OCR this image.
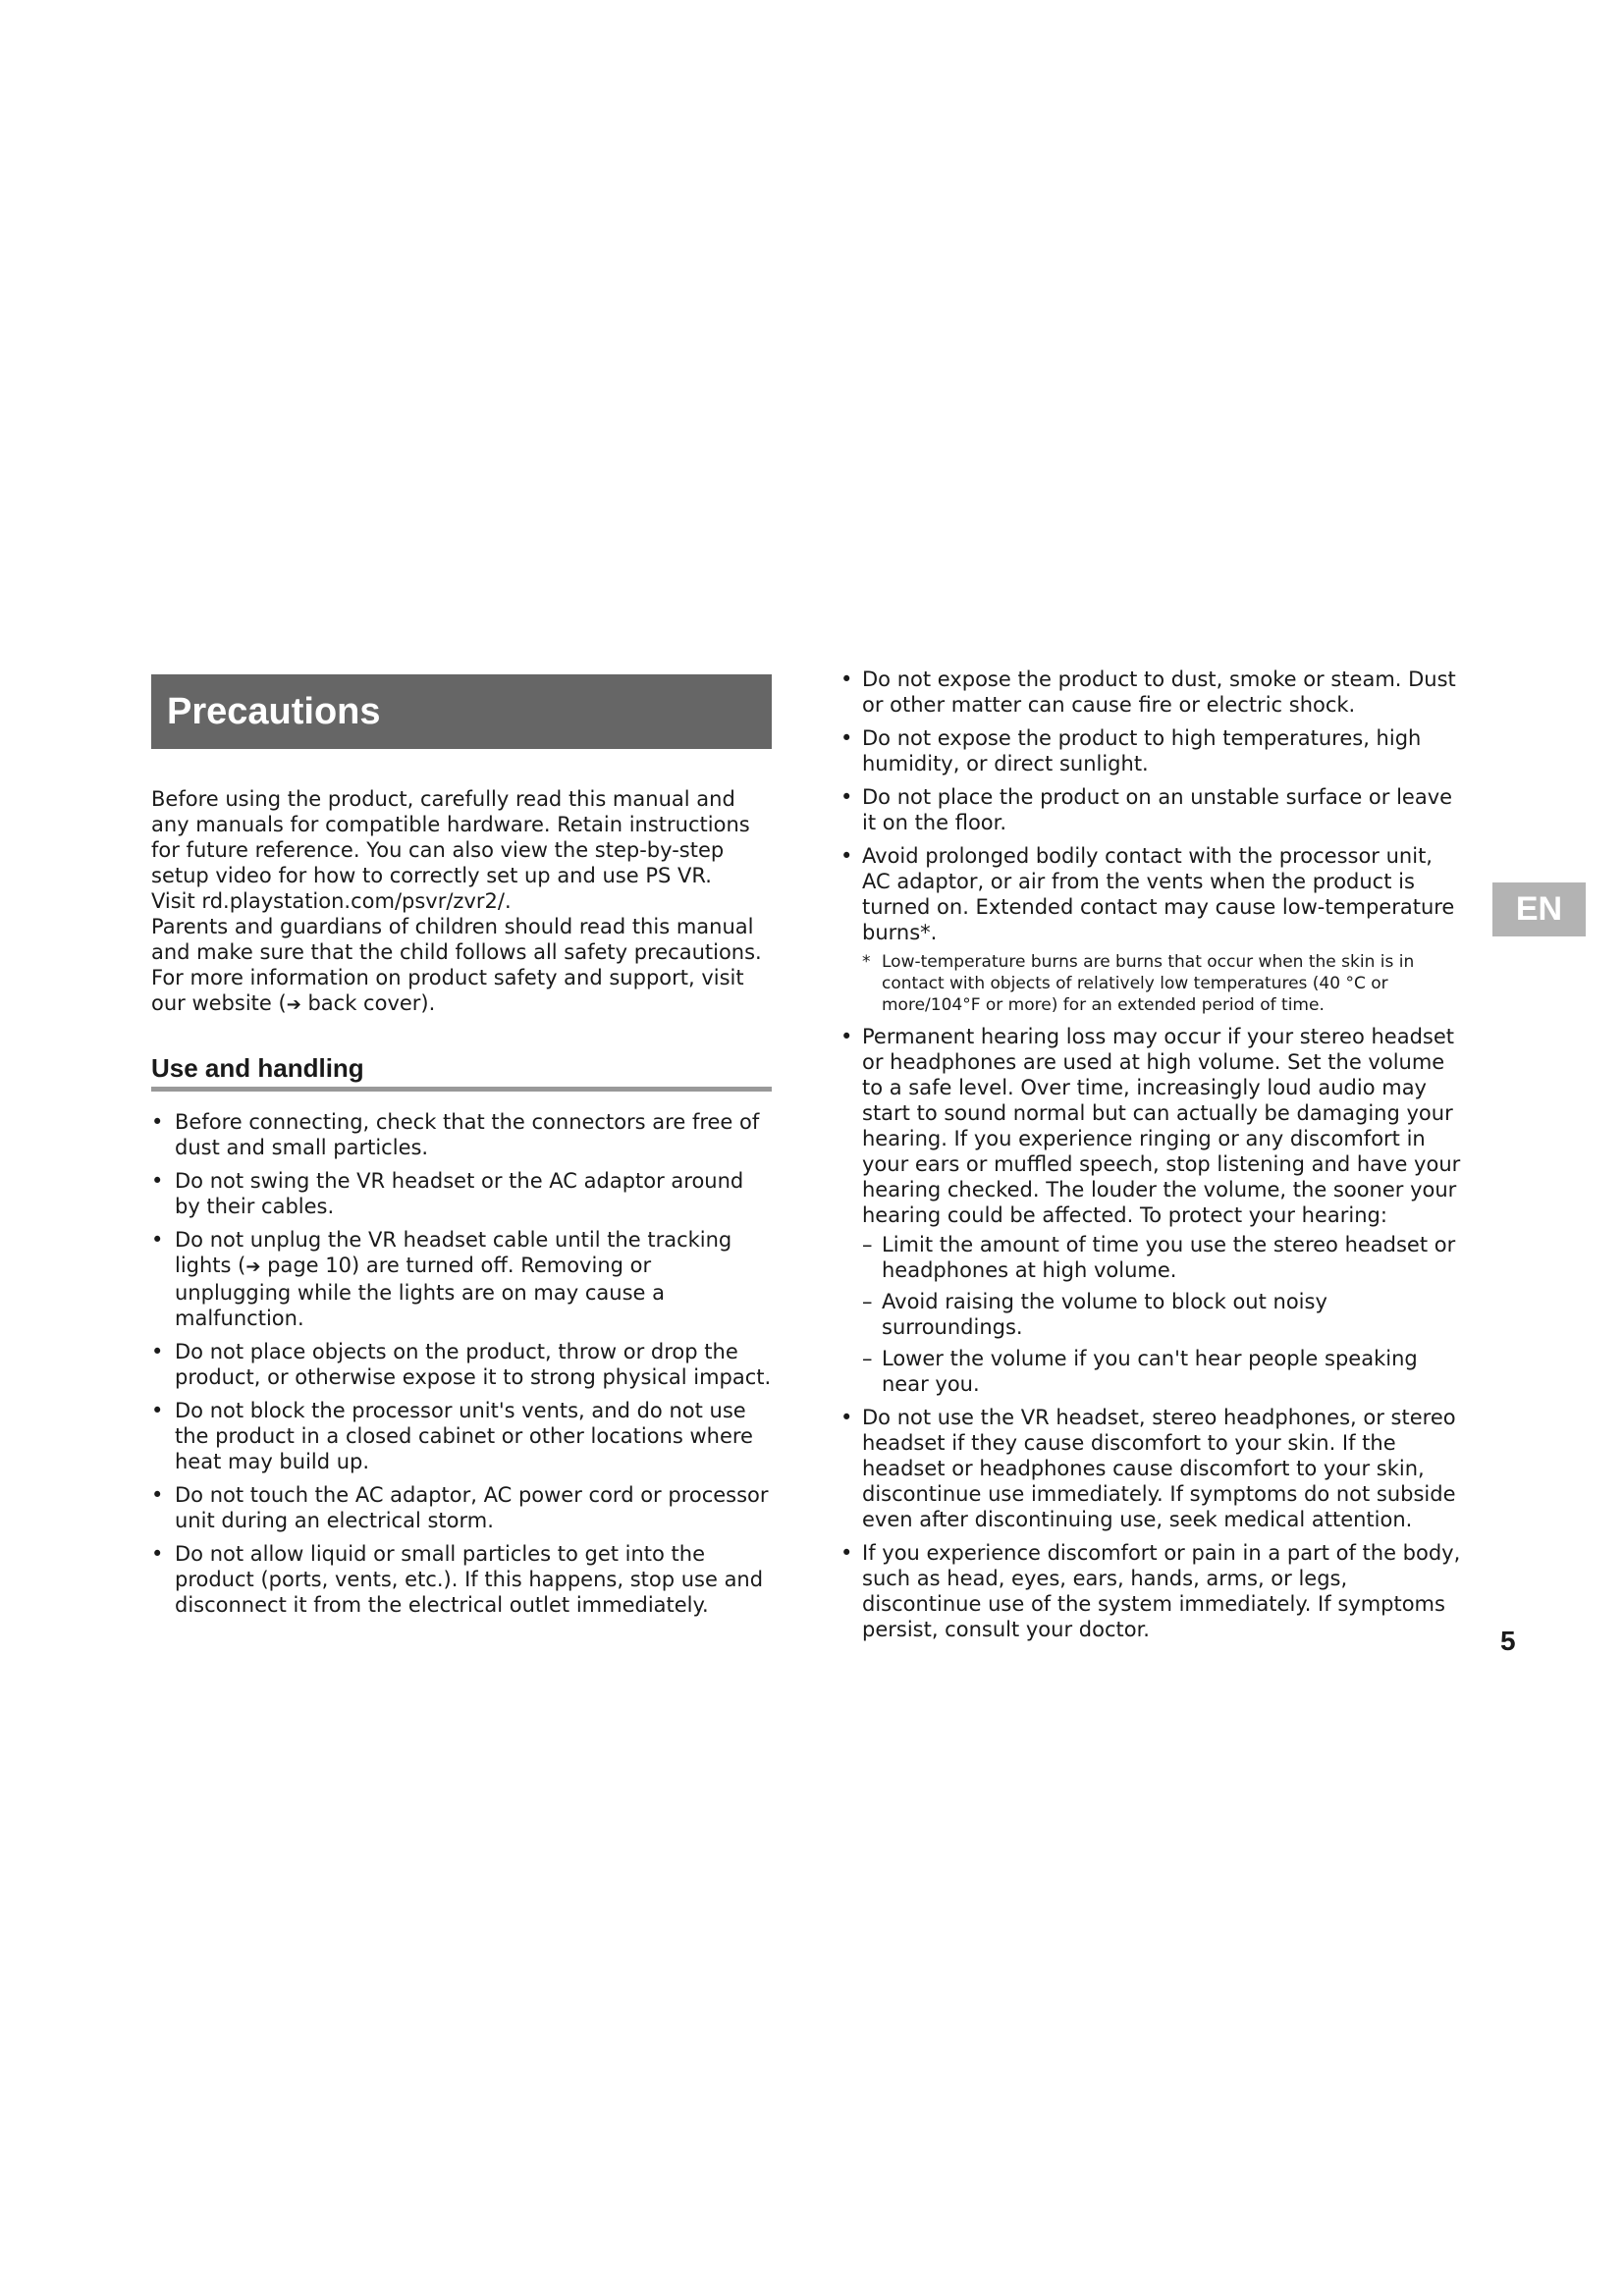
Precautions

Before using the product, carefully read this manual and any manuals for compatible hardware. Retain instructions for future reference. You can also view the step-by-step setup video for how to correctly set up and use PS VR.

Visit rd.playstation.com/psvr/zvr2/.

Parents and guardians of children should read this manual and make sure that the child follows all safety precautions.

For more information on product safety and support, visit our website (➔ back cover).

Use and handling
• Before connecting, check that the connectors are free of dust and small particles.
• Do not swing the VR headset or the AC adaptor around by their cables.
• Do not unplug the VR headset cable until the tracking lights (➔ page 10) are turned off. Removing or unplugging while the lights are on may cause a malfunction.
• Do not place objects on the product, throw or drop the product, or otherwise expose it to strong physical impact.
• Do not block the processor unit's vents, and do not use the product in a closed cabinet or other locations where heat may build up.
• Do not touch the AC adaptor, AC power cord or processor unit during an electrical storm.
• Do not allow liquid or small particles to get into the product (ports, vents, etc.). If this happens, stop use and disconnect it from the electrical outlet immediately.
• Do not expose the product to dust, smoke or steam. Dust or other matter can cause fire or electric shock.
• Do not expose the product to high temperatures, high humidity, or direct sunlight.
• Do not place the product on an unstable surface or leave it on the floor.
• Avoid prolonged bodily contact with the processor unit, AC adaptor, or air from the vents when the product is turned on. Extended contact may cause low-temperature burns*.
* Low-temperature burns are burns that occur when the skin is in contact with objects of relatively low temperatures (40 °C or more/104°F or more) for an extended period of time.
• Permanent hearing loss may occur if your stereo headset or headphones are used at high volume. Set the volume to a safe level. Over time, increasingly loud audio may start to sound normal but can actually be damaging your hearing. If you experience ringing or any discomfort in your ears or muffled speech, stop listening and have your hearing checked. The louder the volume, the sooner your hearing could be affected. To protect your hearing:
– Limit the amount of time you use the stereo headset or headphones at high volume.
– Avoid raising the volume to block out noisy surroundings.
– Lower the volume if you can't hear people speaking near you.
• Do not use the VR headset, stereo headphones, or stereo headset if they cause discomfort to your skin. If the headset or headphones cause discomfort to your skin, discontinue use immediately. If symptoms do not subside even after discontinuing use, seek medical attention.
• If you experience discomfort or pain in a part of the body, such as head, eyes, ears, hands, arms, or legs, discontinue use of the system immediately. If symptoms persist, consult your doctor.
EN
5
